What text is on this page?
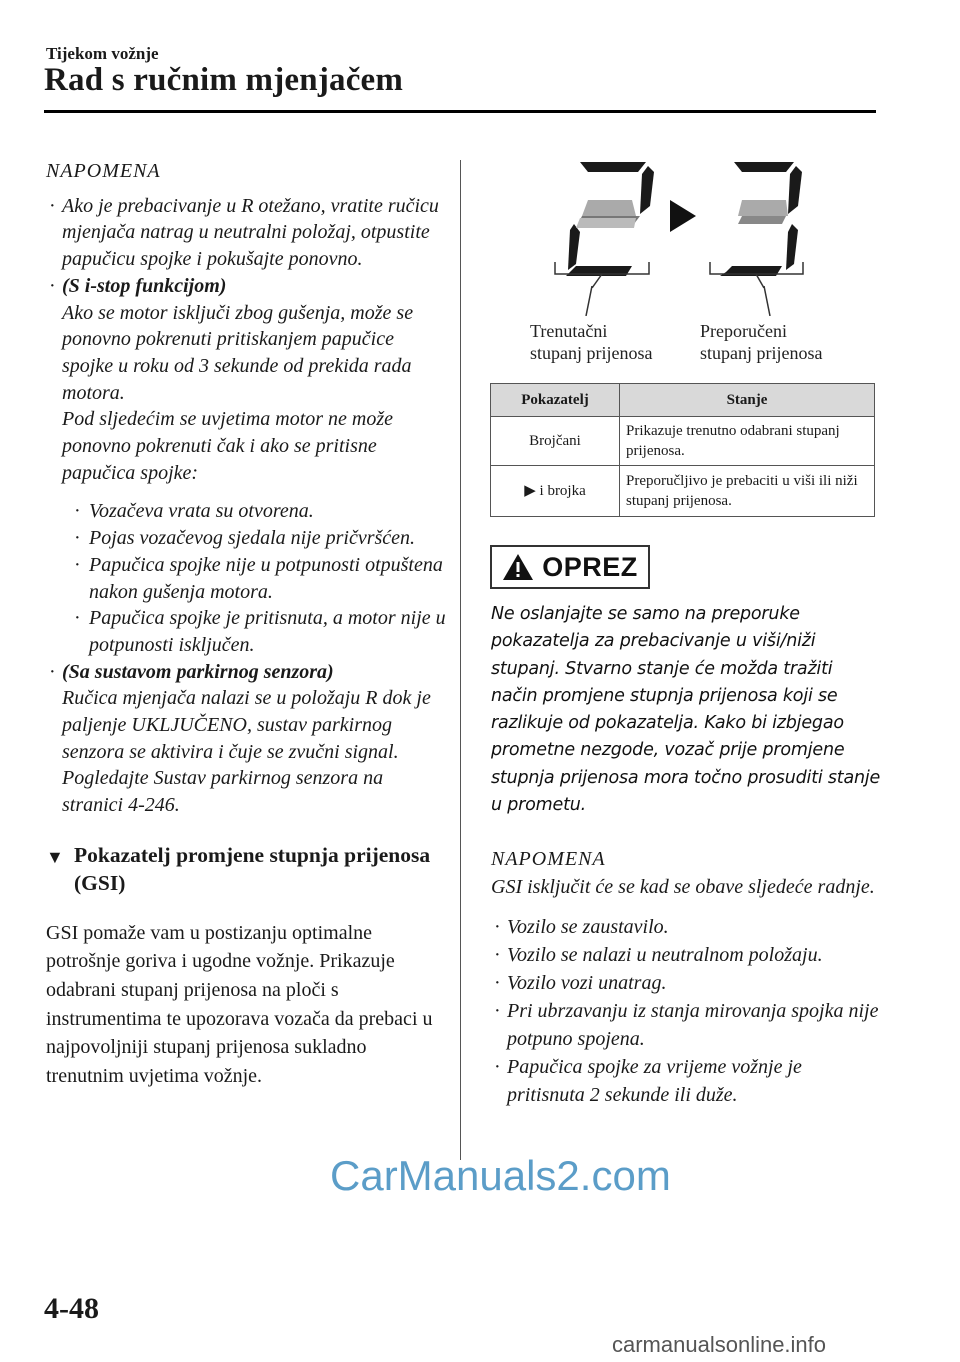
Tijekom vožnje
Rad s ručnim mjenjačem
NAPOMENA
· Ako je prebacivanje u R otežano, vratite ručicu mjenjača natrag u neutralni položaj, otpustite papučicu spojke i pokušajte ponovno.
· (S i-stop funkcijom)
Ako se motor isključi zbog gušenja, može se ponovno pokrenuti pritiskanjem papučice spojke u roku od 3 sekunde od prekida rada motora.
Pod sljedećim se uvjetima motor ne može ponovno pokrenuti čak i ako se pritisne papučica spojke:
· Vozačeva vrata su otvorena.
· Pojas vozačevog sjedala nije pričvršćen.
· Papučica spojke nije u potpunosti otpuštena nakon gušenja motora.
· Papučica spojke je pritisnuta, a motor nije u potpunosti isključen.
· (Sa sustavom parkirnog senzora)
Ručica mjenjača nalazi se u položaju R dok je paljenje UKLJUČENO, sustav parkirnog senzora se aktivira i čuje se zvučni signal.
Pogledajte Sustav parkirnog senzora na stranici 4-246.
▼ Pokazatelj promjene stupnja prijenosa (GSI)
GSI pomaže vam u postizanju optimalne potrošnje goriva i ugodne vožnje. Prikazuje odabrani stupanj prijenosa na ploči s instrumentima te upozorava vozača da prebaci u najpovoljniji stupanj prijenosa sukladno trenutnim uvjetima vožnje.
Trenutačni
stupanj prijenosa
Preporučeni
stupanj prijenosa
Pokazatelj	Stanje
Brojčani	Prikazuje trenutno odabrani stupanj prijenosa.
▶ i brojka	Preporučljivo je prebaciti u viši ili niži stupanj prijenosa.
OPREZ
Ne oslanjajte se samo na preporuke pokazatelja za prebacivanje u viši/niži stupanj. Stvarno stanje će možda tražiti način promjene stupnja prijenosa koji se razlikuje od pokazatelja. Kako bi izbjegao prometne nezgode, vozač prije promjene stupnja prijenosa mora točno prosuditi stanje u prometu.
NAPOMENA
GSI isključit će se kad se obave sljedeće radnje.
· Vozilo se zaustavilo.
· Vozilo se nalazi u neutralnom položaju.
· Vozilo vozi unatrag.
· Pri ubrzavanju iz stanja mirovanja spojka nije potpuno spojena.
· Papučica spojke za vrijeme vožnje je pritisnuta 2 sekunde ili duže.
CarManuals2.com
4-48
carmanualsonline.info
